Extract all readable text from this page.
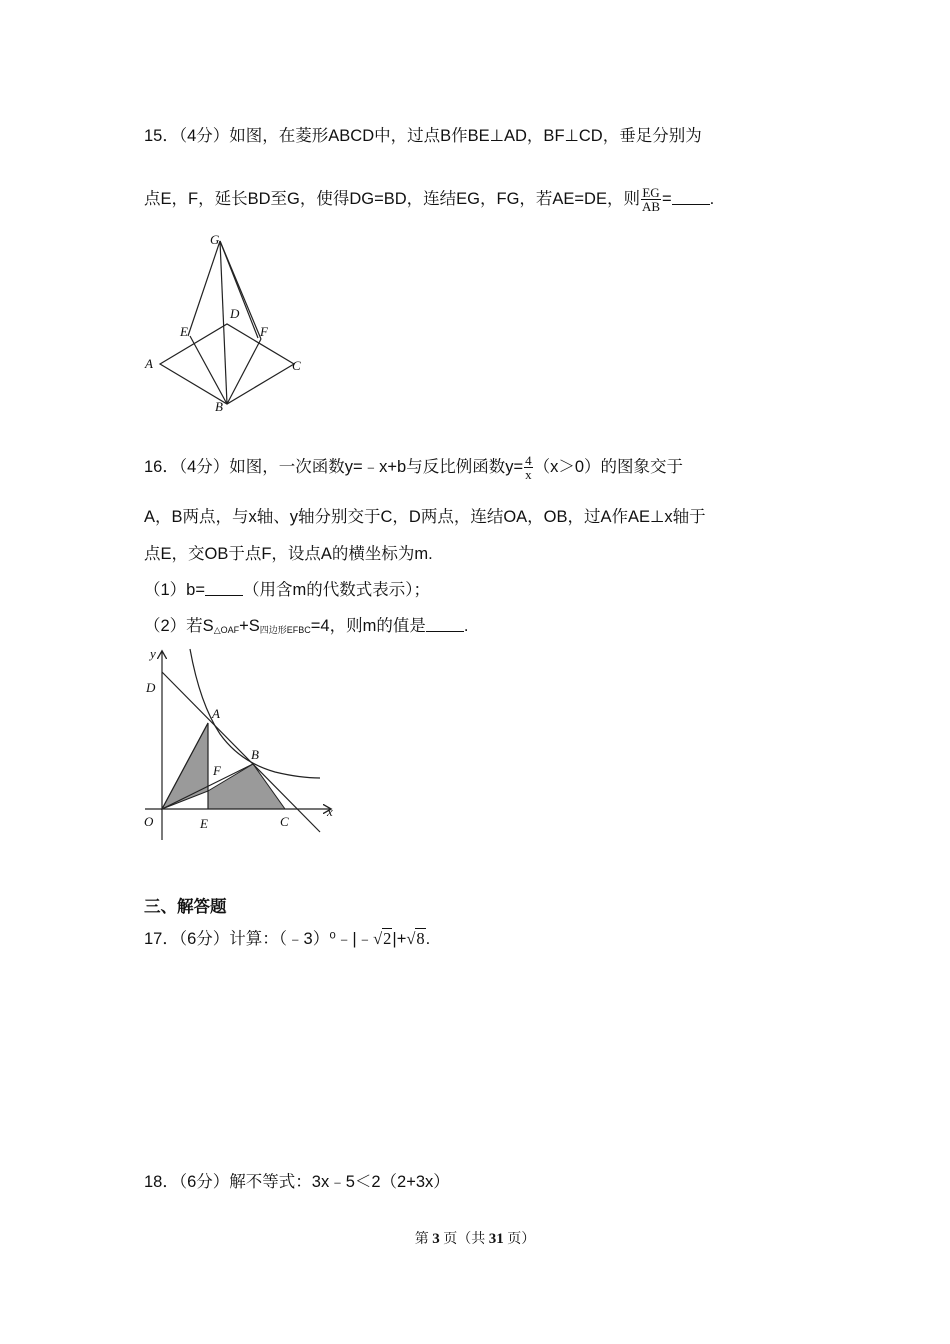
15．（4分）如图，在菱形ABCD中，过点B作BE⊥AD，BF⊥CD，垂足分别为
点E，F，延长BD至G，使得DG=BD，连结EG，FG，若AE=DE，则 $\frac{EG}{AB}$ = .
G
D
E	F
A	C
B
16．（4分）如图，一次函数y=﹣x+b与反比例函数$y= \frac{4}{x} (x>0)$的图象交于
A，B两点，与x轴、y轴分别交于C，D两点，连结OA，OB，过A作AE⊥x轴于
点E，交OB于点F，设点A的横坐标为m.
（1）b= （用含m的代数式表示）；
（2）若$S_{\triangle OAF}+S_{四边形EFBC}=4$，则m的值是 .
y
D
A
B
F
O	E	C
x
三、解答题
17．（6分）计算：（﹣3）⁰﹣|﹣√2|+√8.
18．（6分）解不等式：3x﹣5＜2（2+3x）
第 3 页（共 31 页）
